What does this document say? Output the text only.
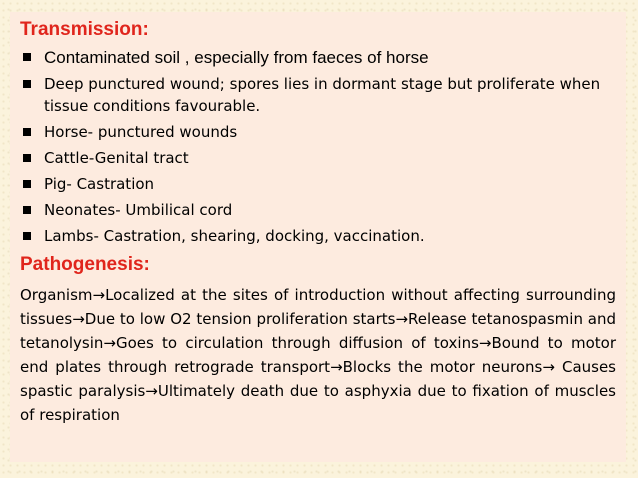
Transmission:
Contaminated soil , especially from faeces of horse
Deep punctured wound; spores lies in dormant stage but proliferate when tissue conditions favourable.
Horse- punctured wounds
Cattle-Genital tract
Pig- Castration
Neonates- Umbilical cord
Lambs- Castration, shearing, docking, vaccination.
Pathogenesis:
Organism→Localized at the sites of introduction without affecting surrounding tissues→Due to low O2 tension proliferation starts→Release tetanospasmin and tetanolysin→Goes to circulation through diffusion of toxins→Bound to motor end plates through retrograde transport→Blocks the motor neurons→ Causes spastic paralysis→Ultimately death due to asphyxia due to fixation of muscles of respiration
